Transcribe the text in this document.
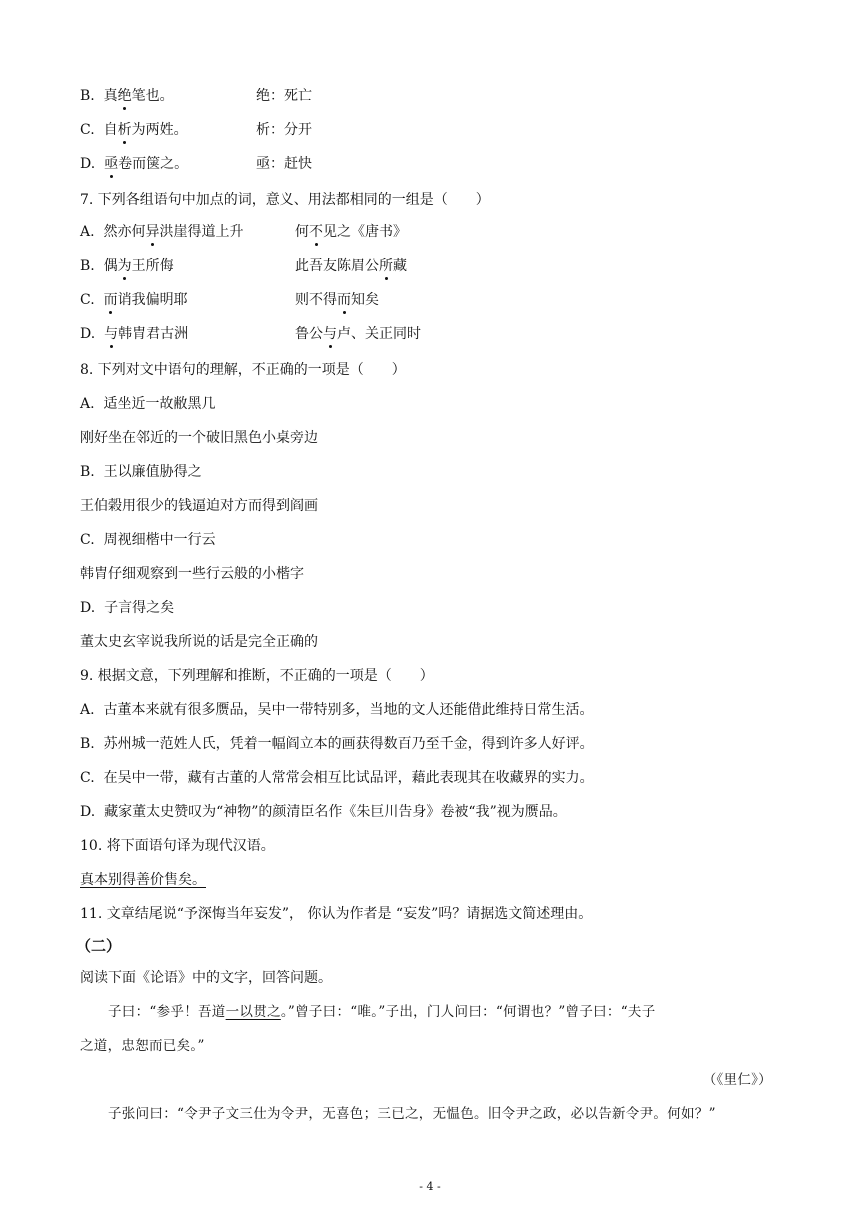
B. 真绝笔也。	绝：死亡
C. 自析为两姓。	析：分开
D. 亟卷而箧之。	亟：赶快
7. 下列各组语句中加点的词，意义、用法都相同的一组是（　　）
A. 然亦何异洪崖得道上升	何不见之《唐书》
B. 偶为王所侮	此吾友陈眉公所藏
C. 而诮我偏明耶	则不得而知矣
D. 与韩胄君古洲	鲁公与卢、关正同时
8. 下列对文中语句的理解，不正确的一项是（　　）
A. 适坐近一故敝黑几
刚好坐在邻近的一个破旧黑色小桌旁边
B. 王以廉值胁得之
王伯榖用很少的钱逼迫对方而得到阎画
C. 周视细楷中一行云
韩胄仔细观察到一些行云般的小楷字
D. 子言得之矣
董太史玄宰说我所说的话是完全正确的
9. 根据文意，下列理解和推断，不正确的一项是（　　）
A. 古董本来就有很多赝品，吴中一带特别多，当地的文人还能借此维持日常生活。
B. 苏州城一范姓人氏，凭着一幅阎立本的画获得数百乃至千金，得到许多人好评。
C. 在吴中一带，藏有古董的人常常会相互比试品评，藉此表现其在收藏界的实力。
D. 藏家董太史赞叹为“神物”的颜清臣名作《朱巨川告身》卷被“我”视为赝品。
10. 将下面语句译为现代汉语。
真本别得善价售矣。
11. 文章结尾说“予深悔当年妄发”， 你认为作者是 “妄发”吗？请据选文简述理由。
（二）
阅读下面《论语》中的文字，回答问题。
子曰：“参乎！吾道一以贯之。”曾子曰：“唯。”子出，门人问曰：“何谓也？”曾子曰：“夫子
之道，忠恕而已矣。”
（《里仁》）
子张问曰：“令尹子文三仕为令尹，无喜色；三已之，无愠色。旧令尹之政，必以告新令尹。何如？”
- 4 -
